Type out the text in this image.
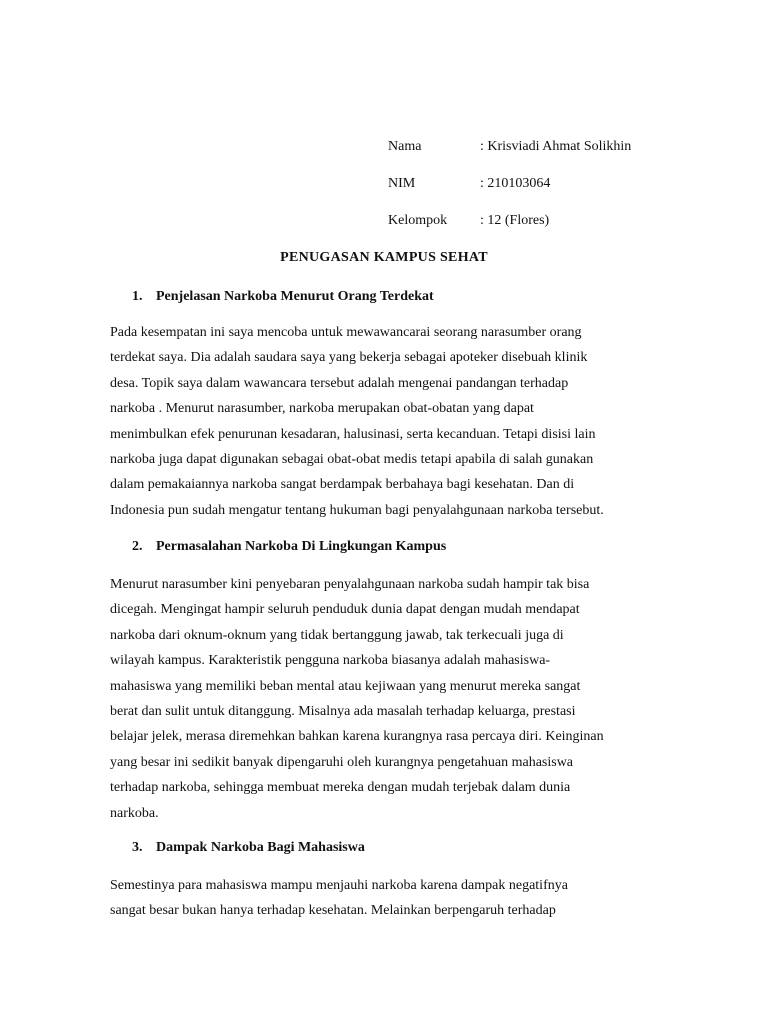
Nama	: Krisviadi Ahmat Solikhin
NIM	: 210103064
Kelompok	: 12 (Flores)
PENUGASAN KAMPUS SEHAT
1. Penjelasan Narkoba Menurut Orang Terdekat
Pada kesempatan ini saya mencoba untuk mewawancarai seorang narasumber orang
terdekat saya. Dia adalah saudara saya yang bekerja sebagai apoteker disebuah klinik
desa. Topik saya dalam wawancara tersebut adalah mengenai pandangan terhadap
narkoba . Menurut narasumber, narkoba merupakan obat-obatan yang dapat
menimbulkan efek penurunan kesadaran, halusinasi, serta kecanduan. Tetapi disisi lain
narkoba juga dapat digunakan sebagai obat-obat medis tetapi apabila di salah gunakan
dalam pemakaiannya narkoba sangat berdampak berbahaya bagi kesehatan. Dan di
Indonesia pun sudah mengatur tentang hukuman bagi penyalahgunaan narkoba tersebut.
2. Permasalahan Narkoba Di Lingkungan Kampus
Menurut narasumber kini penyebaran penyalahgunaan narkoba sudah hampir tak bisa
dicegah. Mengingat hampir seluruh penduduk dunia dapat dengan mudah mendapat
narkoba dari oknum-oknum yang tidak bertanggung jawab, tak terkecuali juga di
wilayah kampus. Karakteristik pengguna narkoba biasanya adalah mahasiswa-
mahasiswa yang memiliki beban mental atau kejiwaan yang menurut mereka sangat
berat dan sulit untuk ditanggung. Misalnya ada masalah terhadap keluarga, prestasi
belajar jelek, merasa diremehkan bahkan karena kurangnya rasa percaya diri. Keinginan
yang besar ini sedikit banyak dipengaruhi oleh kurangnya pengetahuan mahasiswa
terhadap narkoba, sehingga membuat mereka dengan mudah terjebak dalam dunia
narkoba.
3. Dampak Narkoba Bagi Mahasiswa
Semestinya para mahasiswa mampu menjauhi narkoba karena dampak negatifnya
sangat besar bukan hanya terhadap kesehatan. Melainkan berpengaruh terhadap
